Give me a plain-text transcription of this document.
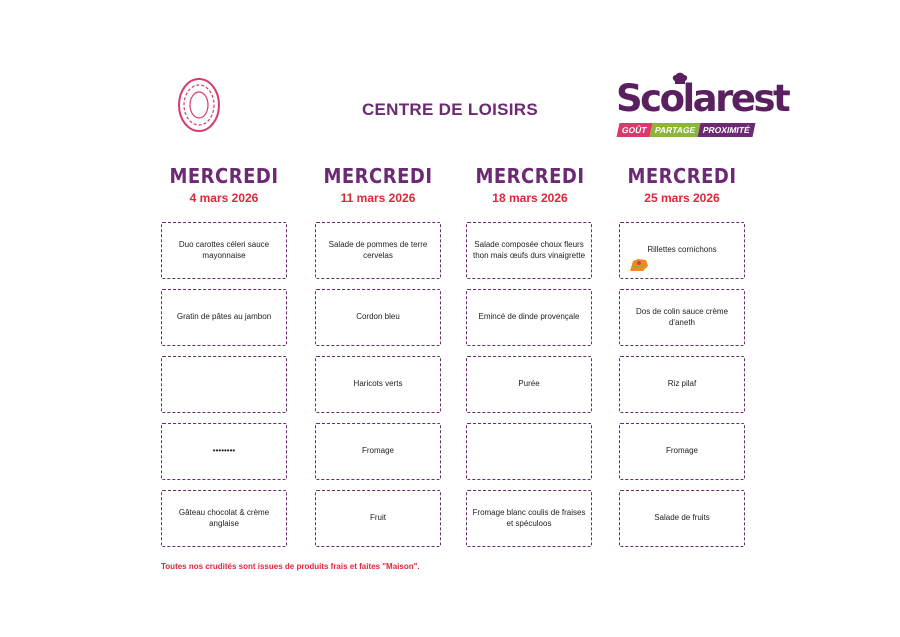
CENTRE DE LOISIRS	Scolarest
GOÛT PARTAGE PROXIMITÉ
MERCREDI
4 mars 2026
MERCREDI
11 mars 2026
MERCREDI
18 mars 2026
MERCREDI
25 mars 2026
Duo carottes céleri sauce mayonnaise
Gratin de pâtes au jambon
••••••••
Gâteau chocolat & crème anglaise
Salade de pommes de terre cervelas
Cordon bleu
Haricots verts
Fromage
Fruit
Salade composée choux fleurs thon mais œufs durs vinaigrette
Emincé de dinde provençale
Purée
Fromage blanc coulis de fraises et spéculoos
Rillettes cornichons
Dos de colin sauce crème d'aneth
Riz pilaf
Fromage
Salade de fruits
Toutes nos crudités sont issues de produits frais et faites "Maison".
